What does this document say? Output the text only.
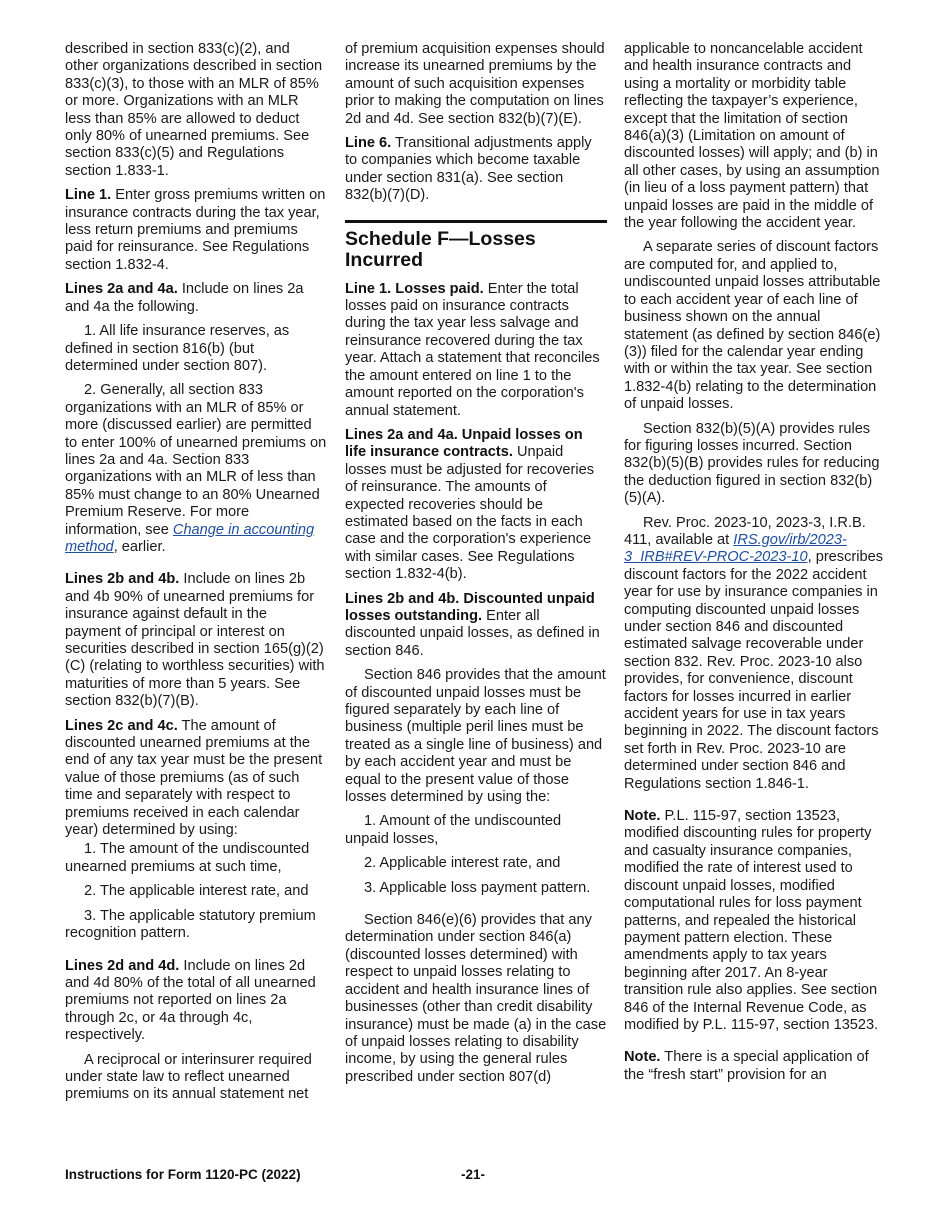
described in section 833(c)(2), and other organizations described in section 833(c)(3), to those with an MLR of 85% or more. Organizations with an MLR less than 85% are allowed to deduct only 80% of unearned premiums. See section 833(c)(5) and Regulations section 1.833-1.

Line 1. Enter gross premiums written on insurance contracts during the tax year, less return premiums and premiums paid for reinsurance. See Regulations section 1.832-4.

Lines 2a and 4a. Include on lines 2a and 4a the following.

1. All life insurance reserves, as defined in section 816(b) (but determined under section 807).

2. Generally, all section 833 organizations with an MLR of 85% or more (discussed earlier) are permitted to enter 100% of unearned premiums on lines 2a and 4a. Section 833 organizations with an MLR of less than 85% must change to an 80% Unearned Premium Reserve. For more information, see Change in accounting method, earlier.

Lines 2b and 4b. Include on lines 2b and 4b 90% of unearned premiums for insurance against default in the payment of principal or interest on securities described in section 165(g)(2)(C) (relating to worthless securities) with maturities of more than 5 years. See section 832(b)(7)(B).

Lines 2c and 4c. The amount of discounted unearned premiums at the end of any tax year must be the present value of those premiums (as of such time and separately with respect to premiums received in each calendar year) determined by using:

1. The amount of the undiscounted unearned premiums at such time,

2. The applicable interest rate, and

3. The applicable statutory premium recognition pattern.

Lines 2d and 4d. Include on lines 2d and 4d 80% of the total of all unearned premiums not reported on lines 2a through 2c, or 4a through 4c, respectively.

A reciprocal or interinsurer required under state law to reflect unearned premiums on its annual statement net

of premium acquisition expenses should increase its unearned premiums by the amount of such acquisition expenses prior to making the computation on lines 2d and 4d. See section 832(b)(7)(E).

Line 6. Transitional adjustments apply to companies which become taxable under section 831(a). See section 832(b)(7)(D).

Schedule F—Losses Incurred

Line 1. Losses paid. Enter the total losses paid on insurance contracts during the tax year less salvage and reinsurance recovered during the tax year. Attach a statement that reconciles the amount entered on line 1 to the amount reported on the corporation's annual statement.

Lines 2a and 4a. Unpaid losses on life insurance contracts. Unpaid losses must be adjusted for recoveries of reinsurance. The amounts of expected recoveries should be estimated based on the facts in each case and the corporation's experience with similar cases. See Regulations section 1.832-4(b).

Lines 2b and 4b. Discounted unpaid losses outstanding. Enter all discounted unpaid losses, as defined in section 846.

Section 846 provides that the amount of discounted unpaid losses must be figured separately by each line of business (multiple peril lines must be treated as a single line of business) and by each accident year and must be equal to the present value of those losses determined by using the:

1. Amount of the undiscounted unpaid losses,

2. Applicable interest rate, and

3. Applicable loss payment pattern.

Section 846(e)(6) provides that any determination under section 846(a) (discounted losses determined) with respect to unpaid losses relating to accident and health insurance lines of businesses (other than credit disability insurance) must be made (a) in the case of unpaid losses relating to disability income, by using the general rules prescribed under section 807(d)

applicable to noncancelable accident and health insurance contracts and using a mortality or morbidity table reflecting the taxpayer’s experience, except that the limitation of section 846(a)(3) (Limitation on amount of discounted losses) will apply; and (b) in all other cases, by using an assumption (in lieu of a loss payment pattern) that unpaid losses are paid in the middle of the year following the accident year.

A separate series of discount factors are computed for, and applied to, undiscounted unpaid losses attributable to each accident year of each line of business shown on the annual statement (as defined by section 846(e)(3)) filed for the calendar year ending with or within the tax year. See section 1.832-4(b) relating to the determination of unpaid losses.

Section 832(b)(5)(A) provides rules for figuring losses incurred. Section 832(b)(5)(B) provides rules for reducing the deduction figured in section 832(b)(5)(A).

Rev. Proc. 2023-10, 2023-3, I.R.B. 411, available at IRS.gov/irb/2023-3_IRB#REV-PROC-2023-10, prescribes discount factors for the 2022 accident year for use by insurance companies in computing discounted unpaid losses under section 846 and discounted estimated salvage recoverable under section 832. Rev. Proc. 2023-10 also provides, for convenience, discount factors for losses incurred in earlier accident years for use in tax years beginning in 2022. The discount factors set forth in Rev. Proc. 2023-10 are determined under section 846 and Regulations section 1.846-1.

Note. P.L. 115-97, section 13523, modified discounting rules for property and casualty insurance companies, modified the rate of interest used to discount unpaid losses, modified computational rules for loss payment patterns, and repealed the historical payment pattern election. These amendments apply to tax years beginning after 2017. An 8-year transition rule also applies. See section 846 of the Internal Revenue Code, as modified by P.L. 115-97, section 13523.

Note. There is a special application of the “fresh start” provision for an

Instructions for Form 1120-PC (2022)	-21-
